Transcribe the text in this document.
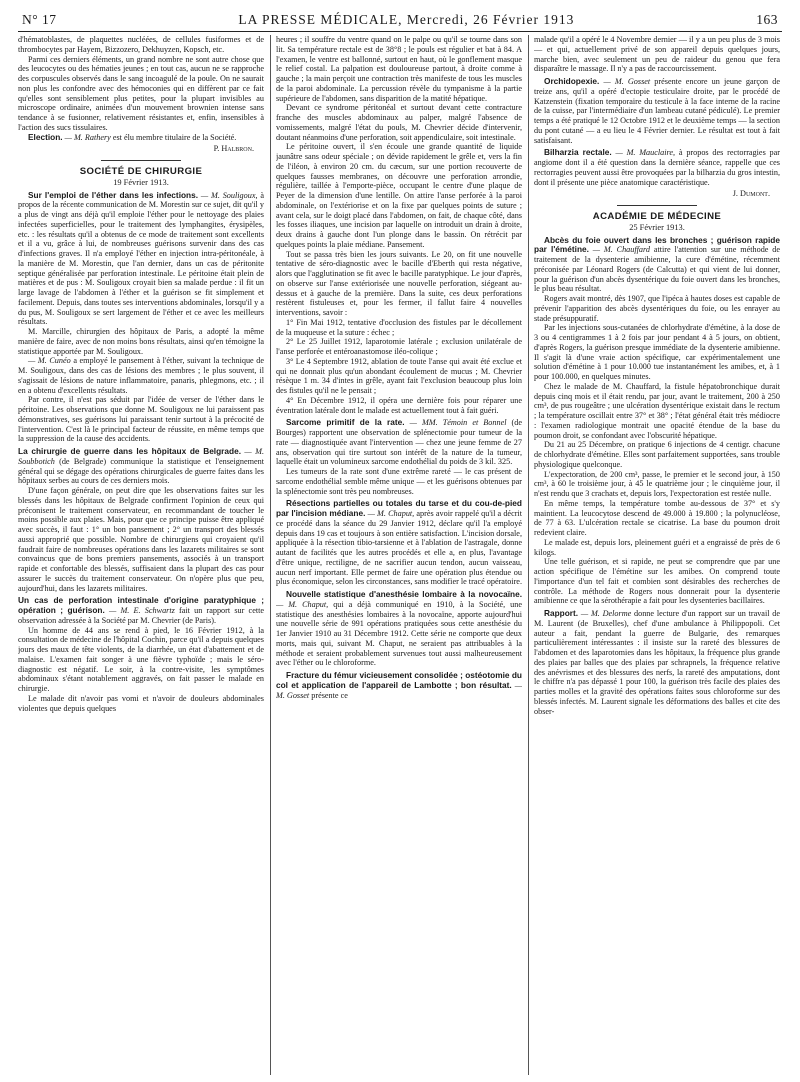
N° 17	LA PRESSE MÉDICALE, Mercredi, 26 Février 1913	163

d'hématoblastes, de plaquettes nucléées, de cellules fusiformes et de thrombocytes par Hayem, Bizzozero, Dekhuyzen, Kopsch, etc.

Parmi ces derniers éléments, un grand nombre ne sont autre chose que des leucocytes ou des hématies jeunes ; en tout cas, aucun ne se rapproche des corpuscules observés dans le sang incoagulé de la poule. On ne saurait non plus les confondre avec des hémoconies qui en diffèrent par ce fait qu'elles sont sensiblement plus petites, pour la plupart invisibles au microscope ordinaire, animées d'un mouvement brownien intense sans tendance à se fusionner, relativement résistantes et, enfin, insensibles à l'action des sucs tissulaires.

Election. — M. Rathery est élu membre titulaire de la Société.

P. Halbron.

SOCIÉTÉ DE CHIRURGIE

19 Février 1913.

Sur l'emploi de l'éther dans les infections. — M. Souligoux, à propos de la récente communication de M. Morestin sur ce sujet, dit qu'il y a plus de vingt ans déjà qu'il emploie l'éther pour le nettoyage des plaies infectées superficielles, pour le traitement des lymphangites, érysipèles, etc. : les résultats qu'il a obtenus de ce mode de traitement sont excellents et il a vu, grâce à lui, de nombreuses guérisons survenir dans des cas d'infections graves. Il n'a employé l'éther en injection intra-péritonéale, à la manière de M. Morestin, que l'an dernier, dans un cas de péritonite septique généralisée par perforation intestinale. Le péritoine était plein de matières et de pus : M. Souligoux croyait bien sa malade perdue : il fit un large lavage de l'abdomen à l'éther et la guérison se fit simplement et facilement. Depuis, dans toutes ses interventions abdominales, lorsqu'il y a du pus, M. Souligoux se sert largement de l'éther et ce avec les meilleurs résultats.

M. Marcille, chirurgien des hôpitaux de Paris, a adopté la même manière de faire, avec de non moins bons résultats, ainsi qu'en témoigne la statistique apportée par M. Souligoux.

— M. Cunéo a employé le pansement à l'éther, suivant la technique de M. Souligoux, dans des cas de lésions des membres ; le plus souvent, il s'agissait de lésions de nature inflammatoire, panaris, phlegmons, etc. ; il en a obtenu d'excellents résultats.

Par contre, il n'est pas séduit par l'idée de verser de l'éther dans le péritoine. Les observations que donne M. Souligoux ne lui paraissent pas démonstratives, ses guérisons lui paraissant tenir surtout à la précocité de l'intervention. C'est là le principal facteur de réussite, en même temps que la suppression de la cause des accidents.

La chirurgie de guerre dans les hôpitaux de Belgrade. — M. Soubbotich (de Belgrade) communique la statistique et l'enseignement général qui se dégage des opérations chirurgicales de guerre faites dans les hôpitaux serbes au cours de ces derniers mois.

D'une façon générale, on peut dire que les observations faites sur les blessés dans les hôpitaux de Belgrade confirment l'opinion de ceux qui préconisent le traitement conservateur, en recommandant de toucher le moins possible aux plaies. Mais, pour que ce principe puisse être appliqué avec succès, il faut : 1° un bon pansement ; 2° un transport des blessés aussi approprié que possible. Nombre de chirurgiens qui croyaient qu'il faudrait faire de nombreuses opérations dans les lazarets militaires se sont convaincus que de bons premiers pansements, associés à un transport rapide et confortable des blessés, suffisaient dans la plupart des cas pour assurer le succès du traitement conservateur. On n'opère plus que peu, aujourd'hui, dans les lazarets militaires.

Un cas de perforation intestinale d'origine paratyphique ; opération ; guérison. — M. E. Schwartz fait un rapport sur cette observation adressée à la Société par M. Chevrier (de Paris).

Un homme de 44 ans se rend à pied, le 16 Février 1912, à la consultation de médecine de l'hôpital Cochin, parce qu'il a depuis quelques jours des maux de tête violents, de la diarrhée, un état d'abattement et de malaise. L'examen fait songer à une fièvre typhoïde ; mais le séro-diagnostic est négatif. Le soir, à la contre-visite, les symptômes abdominaux s'étant notablement aggravés, on fait passer le malade en chirurgie.

Le malade dit n'avoir pas vomi et n'avoir de douleurs abdominales violentes que depuis quelques

heures ; il souffre du ventre quand on le palpe ou qu'il se tourne dans son lit. Sa température rectale est de 38°8 ; le pouls est régulier et bat à 84. A l'examen, le ventre est ballonné, surtout en haut, où le gonflement masque le relief costal. La palpation est douloureuse partout, à droite comme à gauche ; la main perçoit une contraction très manifeste de tous les muscles de la paroi abdominale. La percussion révèle du tympanisme à la partie supérieure de l'abdomen, sans disparition de la matité hépatique.

Devant ce syndrome péritonéal et surtout devant cette contracture franche des muscles abdominaux au palper, malgré l'absence de vomissements, malgré l'état du pouls, M. Chevrier décide d'intervenir, doutant néanmoins d'une perforation, soit appendiculaire, soit intestinale.

Le péritoine ouvert, il s'en écoule une grande quantité de liquide jaunâtre sans odeur spéciale ; on dévide rapidement le grêle et, vers la fin de l'iléon, à environ 20 cm. du cæcum, sur une portion recouverte de quelques fausses membranes, on découvre une perforation arrondie, régulière, taillée à l'emporte-pièce, occupant le centre d'une plaque de Peyer de la dimension d'une lentille. On attire l'anse perforée à la paroi abdominale, on l'extériorise et on la fixe par quelques points de suture ; avant cela, sur le doigt placé dans l'abdomen, on fait, de chaque côté, dans les fosses iliaques, une incision par laquelle on introduit un drain à droite, deux drains à gauche dont l'un plonge dans le bassin. On rétrécit par quelques points la plaie médiane. Pansement.

Tout se passa très bien les jours suivants. Le 20, on fit une nouvelle tentative de séro-diagnostic avec le bacille d'Eberth qui resta négative, alors que l'agglutination se fit avec le bacille paratyphique. Le jour d'après, on observe sur l'anse extériorisée une nouvelle perforation, siégeant au-dessus et à gauche de la première. Dans la suite, ces deux perforations restèrent fistuleuses et, pour les fermer, il fallut faire 4 nouvelles interventions, savoir :

1° Fin Mai 1912, tentative d'occlusion des fistules par le décollement de la muqueuse et la suture : échec ;

2° Le 25 Juillet 1912, laparotomie latérale ; exclusion unilatérale de l'anse perforée et entéroanastomose iléo-colique ;

3° Le 4 Septembre 1912, ablation de toute l'anse qui avait été exclue et qui ne donnait plus qu'un abondant écoulement de mucus ; M. Chevrier résèque 1 m. 34 d'intes in grêle, ayant fait l'exclusion beaucoup plus loin des fistules qu'il ne le pensait ;

4° En Décembre 1912, il opéra une dernière fois pour réparer une éventration latérale dont le malade est actuellement tout à fait guéri.

Sarcome primitif de la rate. — MM. Témoin et Bonnel (de Bourges) rapportent une observation de splénectomie pour tumeur de la rate — diagnostiquée avant l'intervention — chez une jeune femme de 27 ans, observation qui tire surtout son intérêt de la nature de la tumeur, laquelle était un volumineux sarcome endothélial du poids de 3 kil. 325.

Les tumeurs de la rate sont d'une extrême rareté — le cas présent de sarcome endothélial semble même unique — et les guérisons obtenues par la splénectomie sont très peu nombreuses.

Résections partielles ou totales du tarse et du cou-de-pied par l'incision médiane. — M. Chaput, après avoir rappelé qu'il a décrit ce procédé dans la séance du 29 Janvier 1912, déclare qu'il l'a employé depuis dans 19 cas et toujours à son entière satisfaction. L'incision dorsale, appliquée à la résection tibio-tarsienne et à l'ablation de l'astragale, donne autant de facilités que les autres procédés et elle a, en plus, l'avantage d'être unique, rectiligne, de ne sacrifier aucun tendon, aucun vaisseau, aucun nerf important. Elle permet de faire une opération plus étendue ou plus économique, selon les circonstances, sans modifier le tracé opératoire.

Nouvelle statistique d'anesthésie lombaire à la novocaïne. — M. Chaput, qui a déjà communiqué en 1910, à la Société, une statistique des anesthésies lombaires à la novocaïne, apporte aujourd'hui une nouvelle série de 991 opérations pratiquées sous cette anesthésie du 1er Janvier 1910 au 31 Décembre 1912. Cette série ne comporte que deux morts, mais qui, suivant M. Chaput, ne seraient pas attribuables à la méthode et seraient probablement survenues tout aussi malheureusement avec l'éther ou le chloroforme.

Fracture du fémur vicieusement consolidée ; ostéotomie du col et application de l'appareil de Lambotte ; bon résultat. — M. Gosset présente ce

malade qu'il a opéré le 4 Novembre dernier — il y a un peu plus de 3 mois — et qui, actuellement privé de son appareil depuis quelques jours, marche bien, avec seulement un peu de raideur du genou que fera disparaître le massage. Il n'y a pas de raccourcissement.

Orchidopexie. — M. Gosset présente encore un jeune garçon de treize ans, qu'il a opéré d'ectopie testiculaire droite, par le procédé de Katzenstein (fixation temporaire du testicule à la face interne de la racine de la cuisse, par l'intermédiaire d'un lambeau cutané pédiculé). Le premier temps a été pratiqué le 12 Octobre 1912 et le deuxième temps — la section du pont cutané — a eu lieu le 4 Février dernier. Le résultat est tout à fait satisfaisant.

Bilharzia rectale. — M. Mauclaire, à propos des rectorragies par angiome dont il a été question dans la dernière séance, rappelle que ces rectorragies peuvent aussi être provoquées par la bilharzia du gros intestin, dont il présente une pièce anatomique caractéristique.

J. Dumont.

ACADÉMIE DE MÉDECINE

25 Février 1913.

Abcès du foie ouvert dans les bronches ; guérison rapide par l'émétine. — M. Chauffard attire l'attention sur une méthode de traitement de la dysenterie amibienne, la cure d'émétine, récemment préconisée par Léonard Rogers (de Calcutta) et qui vient de lui donner, pour la guérison d'un abcès dysentérique du foie ouvert dans les bronches, le plus beau résultat.

Rogers avait montré, dès 1907, que l'ipéca à hautes doses est capable de prévenir l'apparition des abcès dysentériques du foie, ou les enrayer au stade présuppuratif.

Par les injections sous-cutanées de chlorhydrate d'émétine, à la dose de 3 ou 4 centigrammes 1 à 2 fois par jour pendant 4 à 5 jours, on obtient, d'après Rogers, la guérison presque immédiate de la dysenterie amibienne. Il s'agit là d'une vraie action spécifique, car expérimentalement une solution d'émétine à 1 pour 10.000 tue instantanément les amibes, et, à 1 pour 100.000, en quelques minutes.

Chez le malade de M. Chauffard, la fistule hépatobronchique durait depuis cinq mois et il était rendu, par jour, avant le traitement, 200 à 250 cm³, de pus rougeâtre ; une ulcération dysentérique existait dans le rectum ; la température oscillait entre 37° et 38° ; l'état général était très médiocre : l'examen radiologique montrait une opacité étendue de la base du poumon droit, se confondant avec l'obscurité hépatique.

Du 21 au 25 Décembre, on pratique 6 injections de 4 centigr. chacune de chlorhydrate d'émétine. Elles sont parfaitement supportées, sans trouble physiologique quelconque.

L'expectoration, de 200 cm³, passe, le premier et le second jour, à 150 cm³, à 60 le troisième jour, à 45 le quatrième jour ; le cinquième jour, il n'est rendu que 3 crachats et, depuis lors, l'expectoration est restée nulle.

En même temps, la température tombe au-dessous de 37° et s'y maintient. La leucocytose descend de 49.000 à 19.800 ; la polynucléose, de 77 à 63. L'ulcération rectale se cicatrise. La base du poumon droit redevient claire.

Le malade est, depuis lors, pleinement guéri et a engraissé de près de 6 kilogs.

Une telle guérison, et si rapide, ne peut se comprendre que par une action spécifique de l'émétine sur les amibes. On comprend toute l'importance d'un tel fait et combien sont désirables des recherches de contrôle. La méthode de Rogers nous donnerait pour la dysenterie amibienne ce que la sérothérapie a fait pour les dysenteries bacillaires.

Rapport. — M. Delorme donne lecture d'un rapport sur un travail de M. Laurent (de Bruxelles), chef d'une ambulance à Philippopoli. Cet auteur a fait, pendant la guerre de Bulgarie, des remarques particulièrement intéressantes : il insiste sur la rareté des blessures de l'abdomen et des laparotomies dans les hôpitaux, la fréquence plus grande des plaies par balles que des plaies par schrapnels, la fréquence relative des anévrismes et des blessures des nerfs, la rareté des amputations, dont le chiffre n'a pas dépassé 1 pour 100, la guérison très facile des plaies des parties molles et la gravité des opérations faites sous chloroforme sur des blessés infectés. M. Laurent signale les déformations des balles et cite des obser-
